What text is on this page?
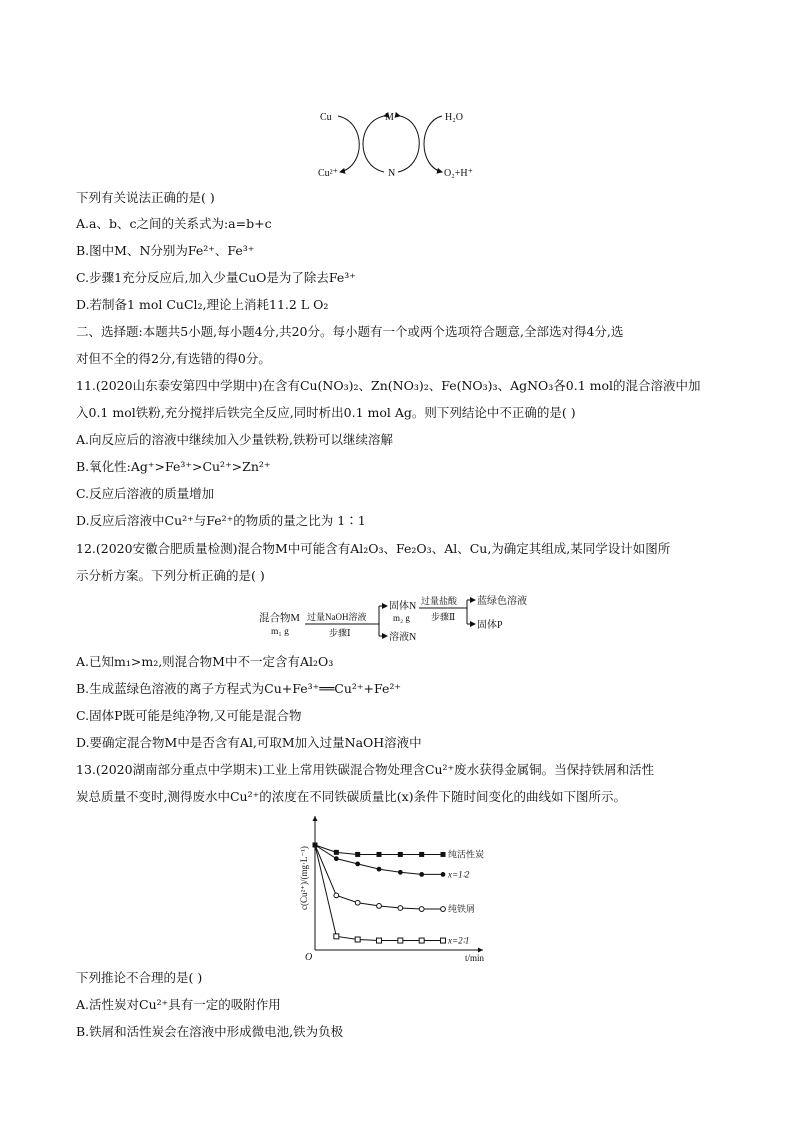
Cu	M	H₂O
Cu²⁺	N	O₂+H⁺
下列有关说法正确的是( )
A.a、b、c之间的关系式为:a=b+c
B.图中M、N分别为Fe²⁺、Fe³⁺
C.步骤1充分反应后,加入少量CuO是为了除去Fe³⁺
D.若制备1 mol CuCl₂,理论上消耗11.2 L O₂
二、选择题:本题共5小题,每小题4分,共20分。每小题有一个或两个选项符合题意,全部选对得4分,选
对但不全的得2分,有选错的得0分。
11.(2020山东泰安第四中学期中)在含有Cu(NO₃)₂、Zn(NO₃)₂、Fe(NO₃)₃、AgNO₃各0.1 mol的混合溶液中加
入0.1 mol铁粉,充分搅拌后铁完全反应,同时析出0.1 mol Ag。则下列结论中不正确的是( )
A.向反应后的溶液中继续加入少量铁粉,铁粉可以继续溶解
B.氧化性:Ag⁺>Fe³⁺>Cu²⁺>Zn²⁺
C.反应后溶液的质量增加
D.反应后溶液中Cu²⁺与Fe²⁺的物质的量之比为 1∶1
12.(2020安徽合肥质量检测)混合物M中可能含有Al₂O₃、Fe₂O₃、Al、Cu,为确定其组成,某同学设计如图所
示分析方案。下列分析正确的是( )
混合物M
m₁ g
过量NaOH溶液
步骤Ⅰ
固体N
m₂ g
溶液N
过量盐酸
步骤Ⅱ
蓝绿色溶液
固体P
A.已知m₁>m₂,则混合物M中不一定含有Al₂O₃
B.生成蓝绿色溶液的离子方程式为Cu+Fe³⁺══Cu²⁺+Fe²⁺
C.固体P既可能是纯净物,又可能是混合物
D.要确定混合物M中是否含有Al,可取M加入过量NaOH溶液中
13.(2020湖南部分重点中学期末)工业上常用铁碳混合物处理含Cu²⁺废水获得金属铜。当保持铁屑和活性
炭总质量不变时,测得废水中Cu²⁺的浓度在不同铁碳质量比(x)条件下随时间变化的曲线如下图所示。
O	t/min
c(Cu²⁺)/(mg·L⁻¹)	纯活性炭
x=1∶2
纯铁屑
x=2∶1
下列推论不合理的是( )
A.活性炭对Cu²⁺具有一定的吸附作用
B.铁屑和活性炭会在溶液中形成微电池,铁为负极
